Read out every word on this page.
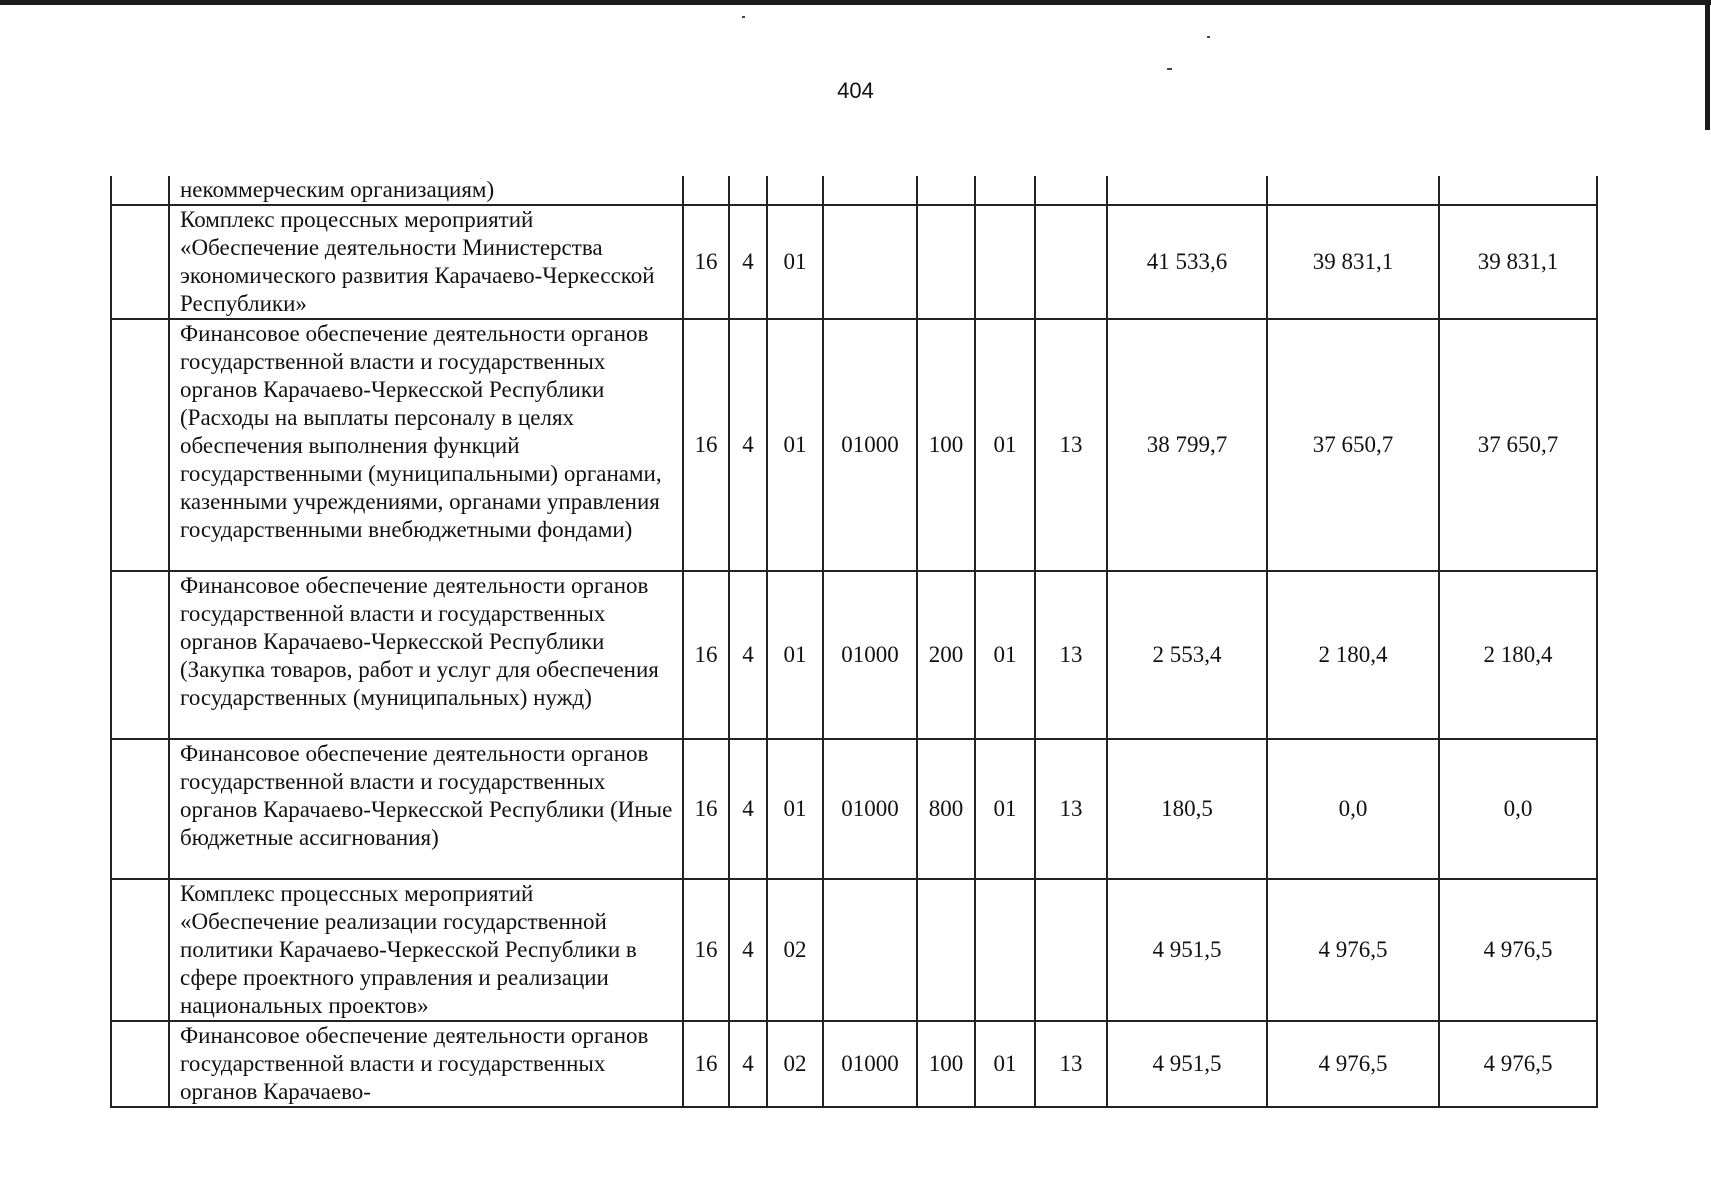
404
	некоммерческим организациям)										
	Комплекс процессных мероприятий «Обеспечение деятельности Министерства экономического развития Карачаево-Черкесской Республики»	16	4	01					41 533,6	39 831,1	39 831,1
	Финансовое обеспечение деятельности органов государственной власти и государственных органов Карачаево-Черкесской Республики (Расходы на выплаты персоналу в целях обеспечения выполнения функций государственными (муниципальными) органами, казенными учреждениями, органами управления государственными внебюджетными фондами)	16	4	01	01000	100	01	13	38 799,7	37 650,7	37 650,7
	Финансовое обеспечение деятельности органов государственной власти и государственных органов Карачаево-Черкесской Республики (Закупка товаров, работ и услуг для обеспечения государственных (муниципальных) нужд)	16	4	01	01000	200	01	13	2 553,4	2 180,4	2 180,4
	Финансовое обеспечение деятельности органов государственной власти и государственных органов Карачаево-Черкесской Республики (Иные бюджетные ассигнования)	16	4	01	01000	800	01	13	180,5	0,0	0,0
	Комплекс процессных мероприятий «Обеспечение реализации государственной политики Карачаево-Черкесской Республики в сфере проектного управления и реализации национальных проектов»	16	4	02					4 951,5	4 976,5	4 976,5
	Финансовое обеспечение деятельности органов государственной власти и государственных органов Карачаево-	16	4	02	01000	100	01	13	4 951,5	4 976,5	4 976,5
